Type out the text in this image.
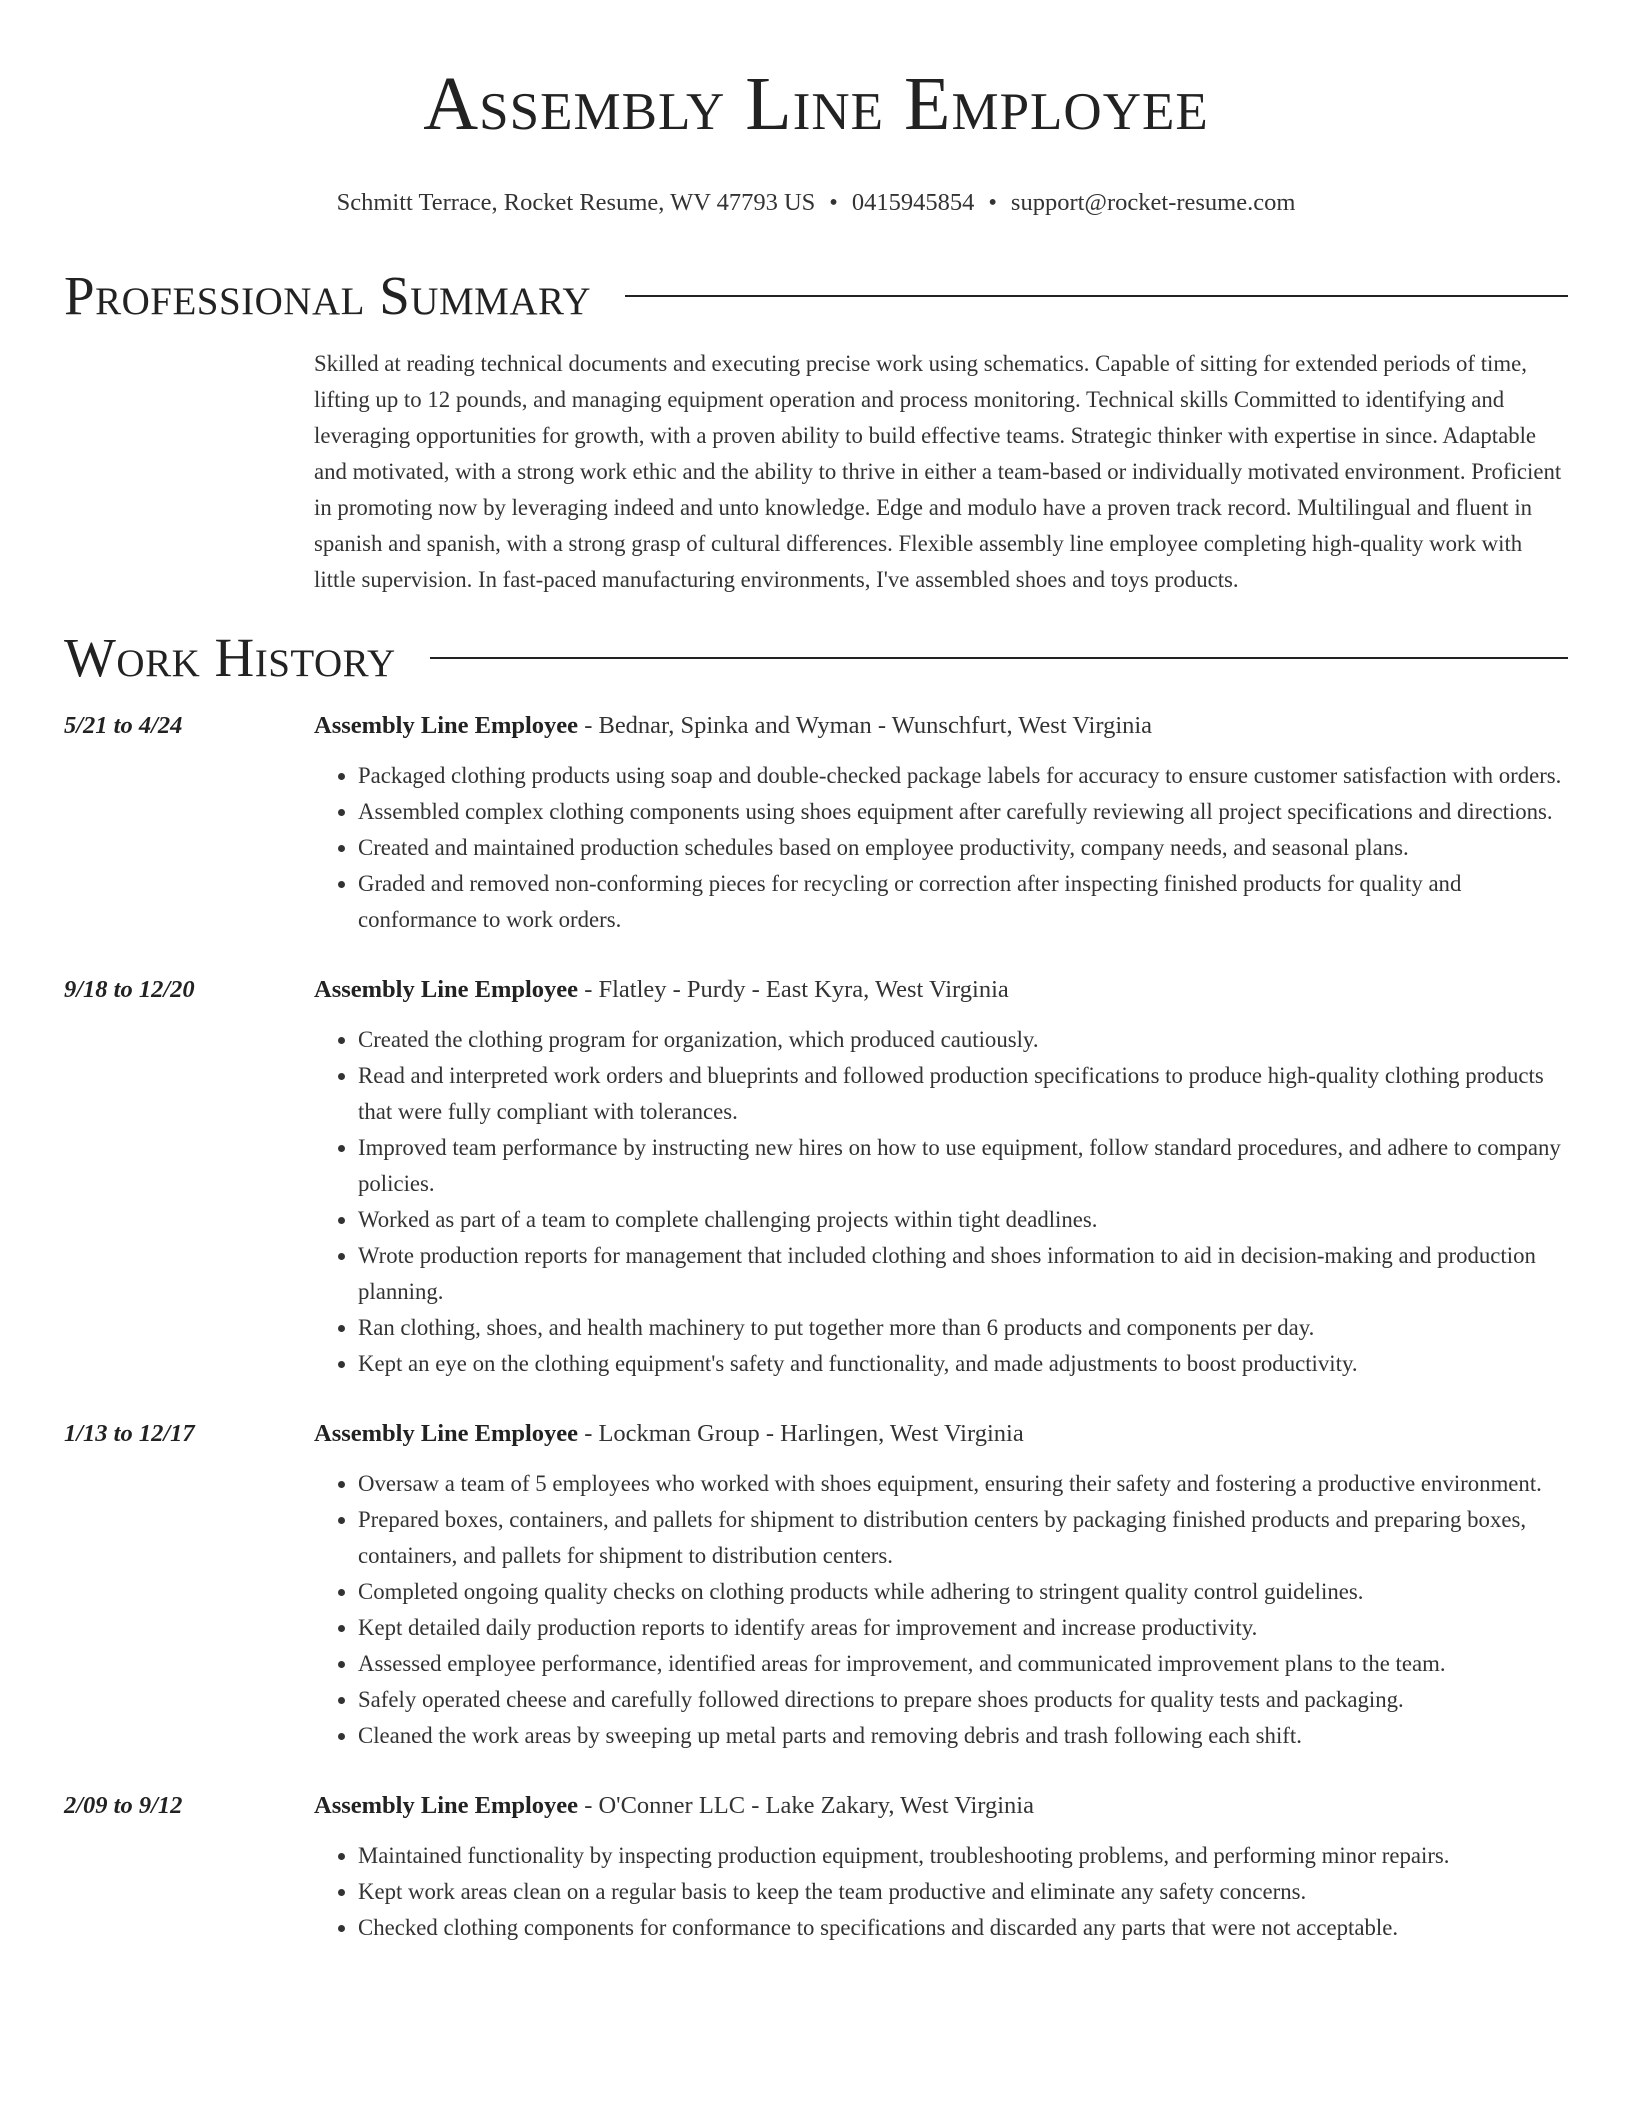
Assembly Line Employee
Schmitt Terrace, Rocket Resume, WV 47793 US • 0415945854 • support@rocket-resume.com
Professional Summary
Skilled at reading technical documents and executing precise work using schematics. Capable of sitting for extended periods of time, lifting up to 12 pounds, and managing equipment operation and process monitoring. Technical skills Committed to identifying and leveraging opportunities for growth, with a proven ability to build effective teams. Strategic thinker with expertise in since. Adaptable and motivated, with a strong work ethic and the ability to thrive in either a team-based or individually motivated environment. Proficient in promoting now by leveraging indeed and unto knowledge. Edge and modulo have a proven track record. Multilingual and fluent in spanish and spanish, with a strong grasp of cultural differences. Flexible assembly line employee completing high-quality work with little supervision. In fast-paced manufacturing environments, I've assembled shoes and toys products.
Work History
5/21 to 4/24	Assembly Line Employee - Bednar, Spinka and Wyman - Wunschfurt, West Virginia
• Packaged clothing products using soap and double-checked package labels for accuracy to ensure customer satisfaction with orders.
• Assembled complex clothing components using shoes equipment after carefully reviewing all project specifications and directions.
• Created and maintained production schedules based on employee productivity, company needs, and seasonal plans.
• Graded and removed non-conforming pieces for recycling or correction after inspecting finished products for quality and conformance to work orders.
9/18 to 12/20	Assembly Line Employee - Flatley - Purdy - East Kyra, West Virginia
• Created the clothing program for organization, which produced cautiously.
• Read and interpreted work orders and blueprints and followed production specifications to produce high-quality clothing products that were fully compliant with tolerances.
• Improved team performance by instructing new hires on how to use equipment, follow standard procedures, and adhere to company policies.
• Worked as part of a team to complete challenging projects within tight deadlines.
• Wrote production reports for management that included clothing and shoes information to aid in decision-making and production planning.
• Ran clothing, shoes, and health machinery to put together more than 6 products and components per day.
• Kept an eye on the clothing equipment's safety and functionality, and made adjustments to boost productivity.
1/13 to 12/17	Assembly Line Employee - Lockman Group - Harlingen, West Virginia
• Oversaw a team of 5 employees who worked with shoes equipment, ensuring their safety and fostering a productive environment.
• Prepared boxes, containers, and pallets for shipment to distribution centers by packaging finished products and preparing boxes, containers, and pallets for shipment to distribution centers.
• Completed ongoing quality checks on clothing products while adhering to stringent quality control guidelines.
• Kept detailed daily production reports to identify areas for improvement and increase productivity.
• Assessed employee performance, identified areas for improvement, and communicated improvement plans to the team.
• Safely operated cheese and carefully followed directions to prepare shoes products for quality tests and packaging.
• Cleaned the work areas by sweeping up metal parts and removing debris and trash following each shift.
2/09 to 9/12	Assembly Line Employee - O'Conner LLC - Lake Zakary, West Virginia
• Maintained functionality by inspecting production equipment, troubleshooting problems, and performing minor repairs.
• Kept work areas clean on a regular basis to keep the team productive and eliminate any safety concerns.
• Checked clothing components for conformance to specifications and discarded any parts that were not acceptable.
